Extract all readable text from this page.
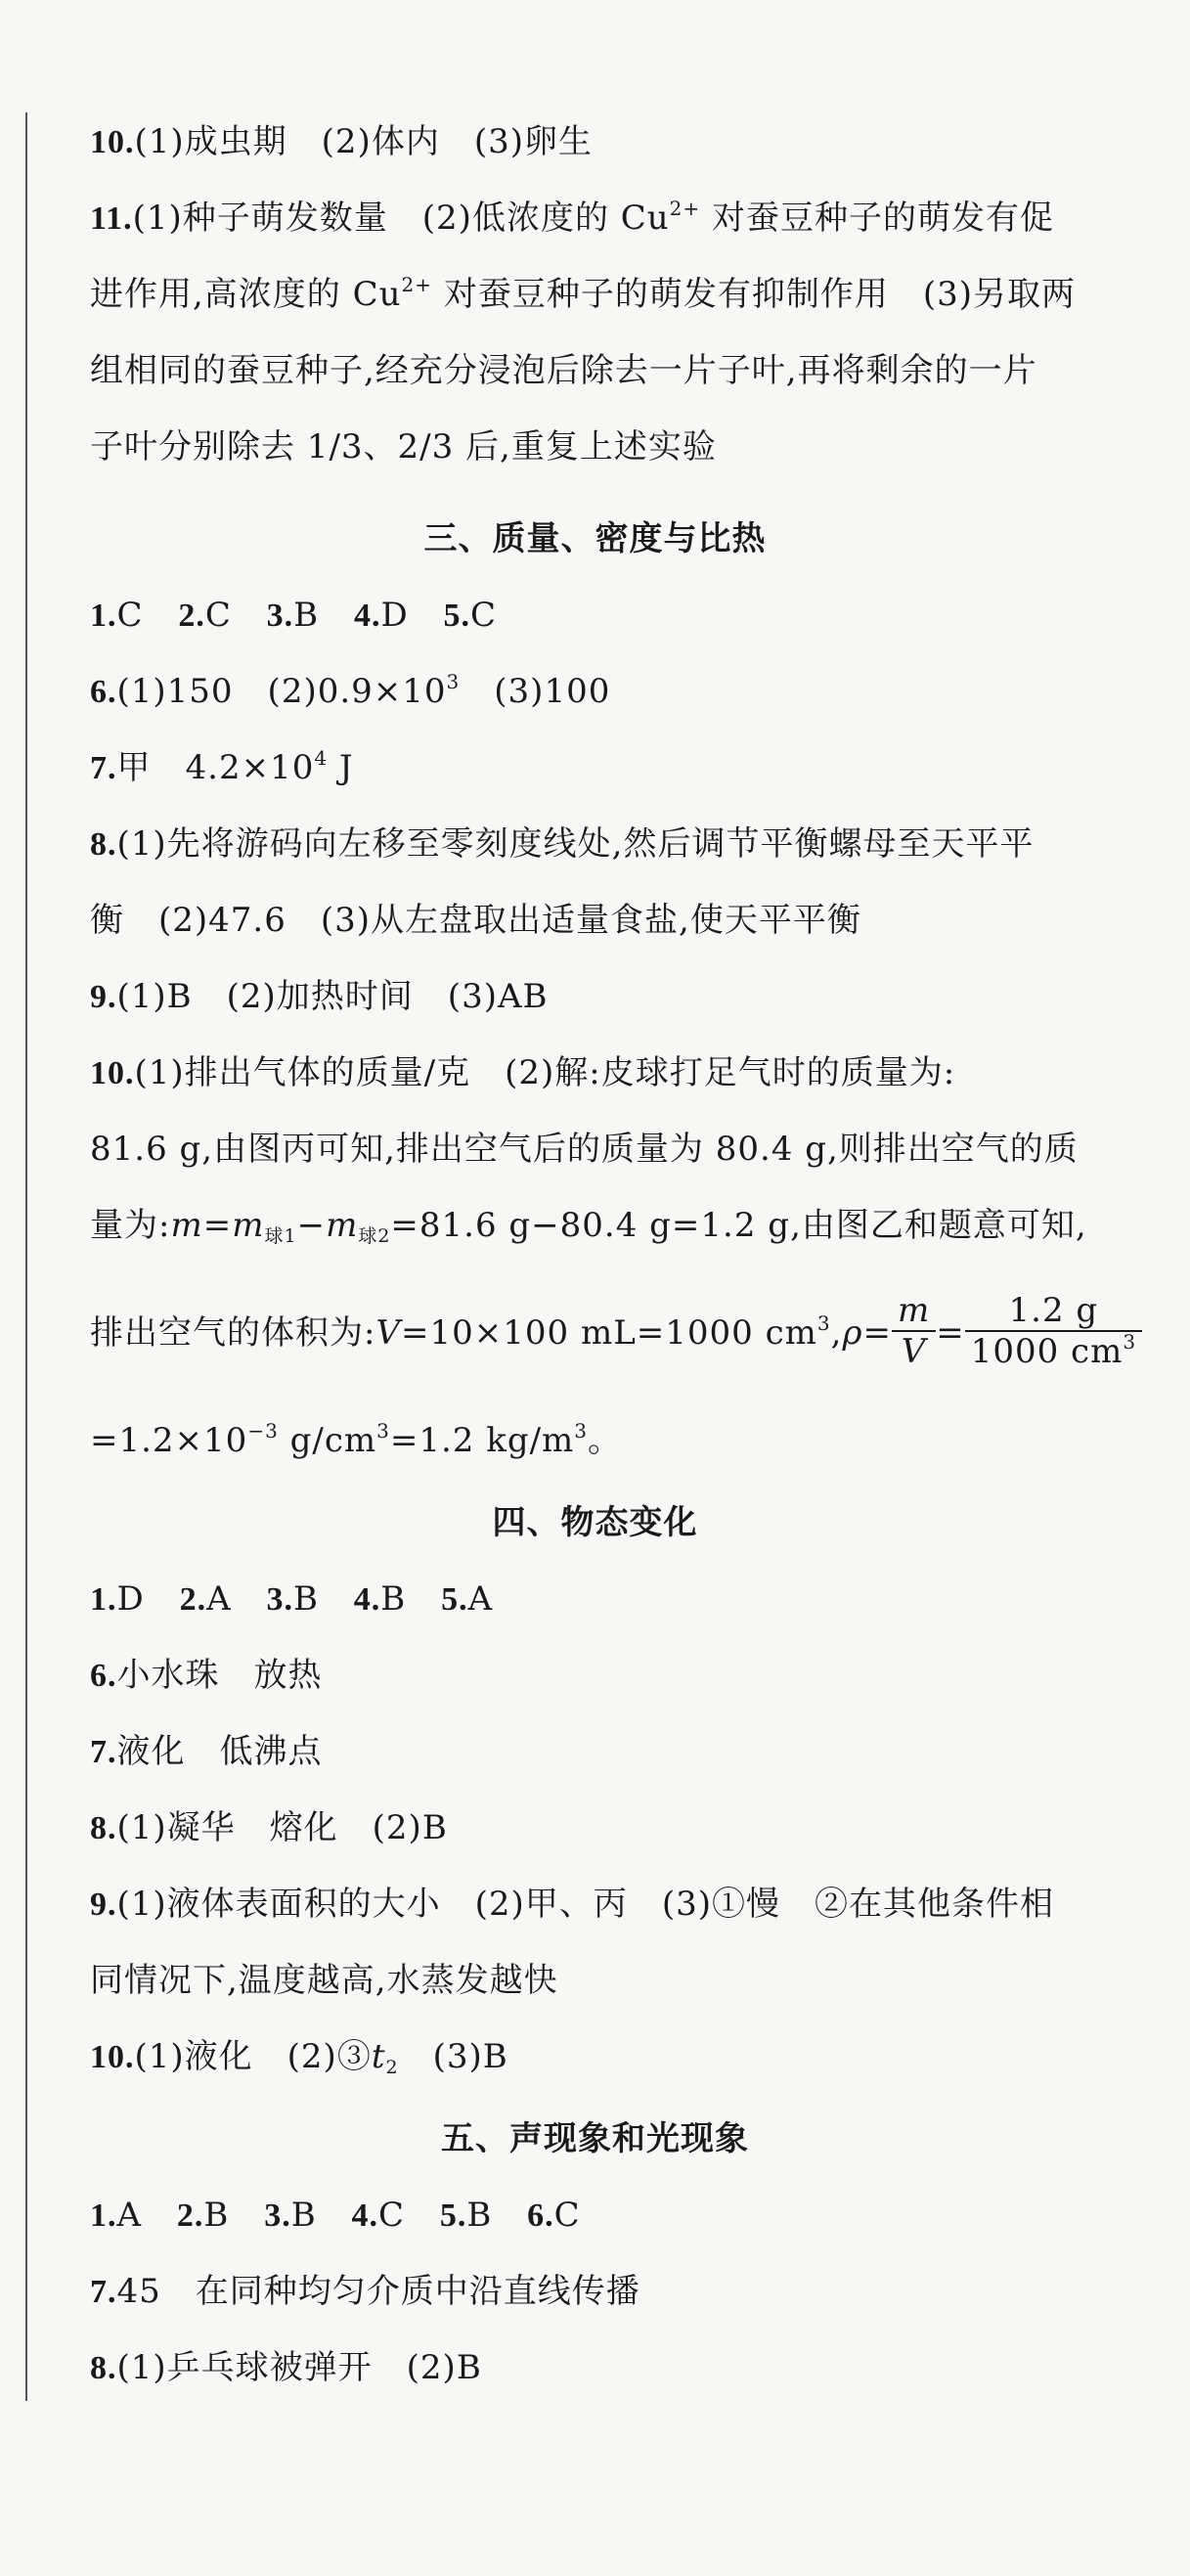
10.(1)成虫期　(2)体内　(3)卵生
11.(1)种子萌发数量　(2)低浓度的 $Cu^{2+}$ 对蚕豆种子的萌发有促
进作用,高浓度的 $Cu^{2+}$ 对蚕豆种子的萌发有抑制作用　(3)另取两
组相同的蚕豆种子,经充分浸泡后除去一片子叶,再将剩余的一片
子叶分别除去 1/3、2/3 后,重复上述实验
三、质量、密度与比热
1.C 2.C 3.B 4.D 5.C
6.(1)150　$(2)0.9\times 10^3$　(3)100
7.甲　$4.2\times 10^4$ J
8.(1)先将游码向左移至零刻度线处,然后调节平衡螺母至天平平
衡　(2)47.6　(3)从左盘取出适量食盐,使天平平衡
9.(1)B　(2)加热时间　(3)AB
10.(1)排出气体的质量/克　(2)解:皮球打足气时的质量为:
81.6 g,由图丙可知,排出空气后的质量为 80.4 g,则排出空气的质
量为$:m=m_{球1}-m_{球2}=81.6$ g−80.4 g=1.2 g,由图乙和题意可知,
排出空气的体积为:V=10×100 mL=1000 $cm^3,\rho= \frac{m}{V} = \frac{1.2 g}{1000 cm^3}$
$=1.2\times 10^{-3}$ $g/cm^3=1.2$ $kg/m^3$。
四、物态变化
1.D 2.A 3.B 4.B 5.A
6.小水珠　放热
7.液化　低沸点
8.(1)凝华　熔化　(2)B
9.(1)液体表面积的大小　(2)甲、丙　(3)①慢　②在其他条件相
同情况下,温度越高,水蒸发越快
10.(1)液化　$(2)③t_2$　(3)B
五、声现象和光现象
1.A 2.B 3.B 4.C 5.B 6.C
7.45　在同种均匀介质中沿直线传播
8.(1)乒乓球被弹开　(2)B
